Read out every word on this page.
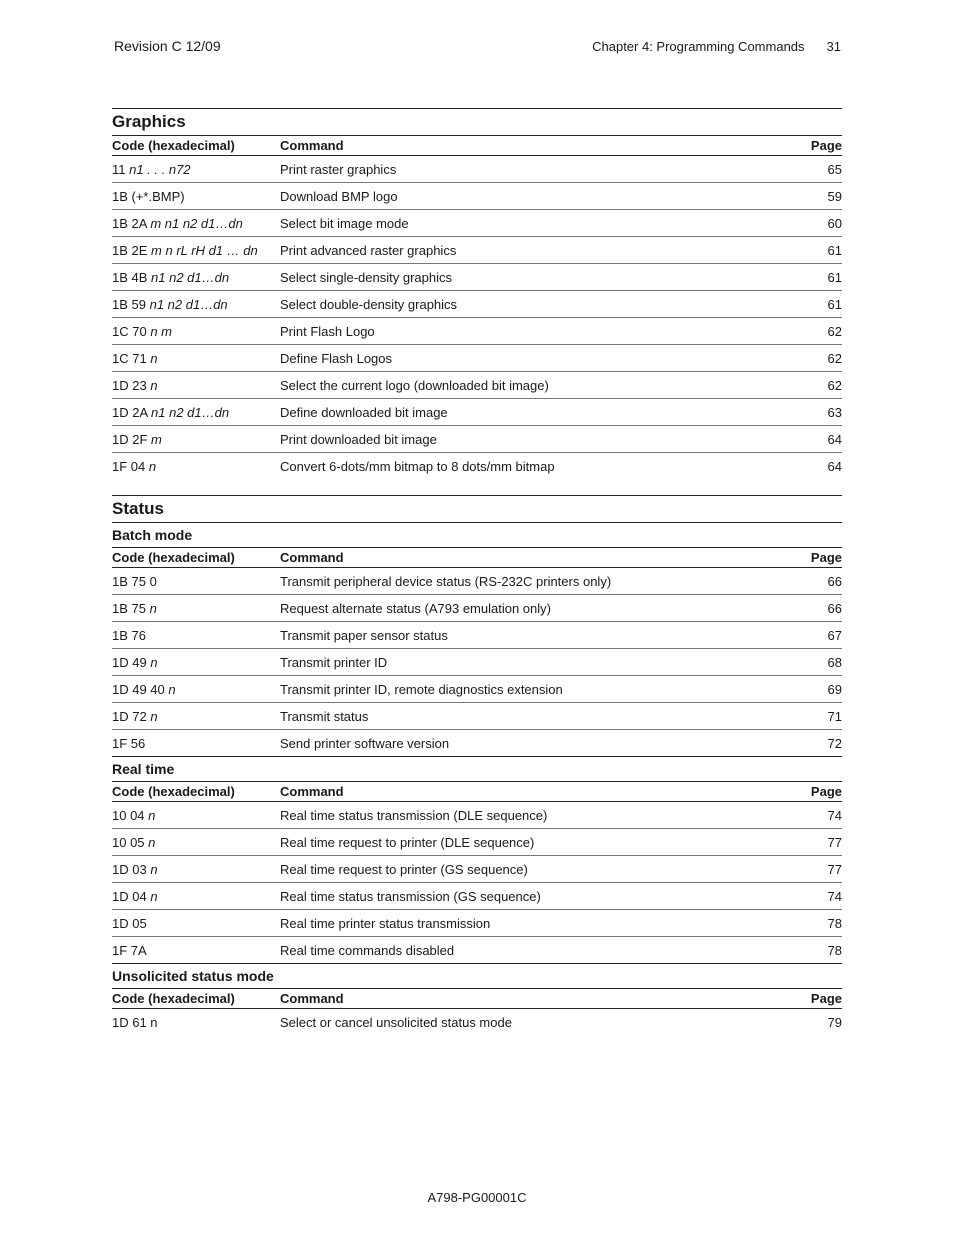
Revision C 12/09	Chapter 4: Programming Commands 31
Graphics
Code (hexadecimal)	Command	Page
11 n1 . . . n72	Print raster graphics	65
1B (+*.BMP)	Download BMP logo	59
1B 2A m n1 n2 d1…dn	Select bit image mode	60
1B 2E m n rL rH d1 … dn	Print advanced raster graphics	61
1B 4B n1 n2 d1…dn	Select single-density graphics	61
1B 59 n1 n2 d1…dn	Select double-density graphics	61
1C 70 n m	Print Flash Logo	62
1C 71 n	Define Flash Logos	62
1D 23 n	Select the current logo (downloaded bit image)	62
1D 2A n1 n2 d1…dn	Define downloaded bit image	63
1D 2F m	Print downloaded bit image	64
1F 04 n	Convert 6-dots/mm bitmap to 8 dots/mm bitmap	64
Status
Batch mode
Code (hexadecimal)	Command	Page
1B 75 0	Transmit peripheral device status (RS-232C printers only)	66
1B 75 n	Request alternate status (A793 emulation only)	66
1B 76	Transmit paper sensor status	67
1D 49 n	Transmit printer ID	68
1D 49 40 n	Transmit printer ID, remote diagnostics extension	69
1D 72 n	Transmit status	71
1F 56	Send printer software version	72
Real time
Code (hexadecimal)	Command	Page
10 04 n	Real time status transmission (DLE sequence)	74
10 05 n	Real time request to printer (DLE sequence)	77
1D 03 n	Real time request to printer (GS sequence)	77
1D 04 n	Real time status transmission (GS sequence)	74
1D 05	Real time printer status transmission	78
1F 7A	Real time commands disabled	78
Unsolicited status mode
Code (hexadecimal)	Command	Page
1D 61 n	Select or cancel unsolicited status mode	79
A798-PG00001C
